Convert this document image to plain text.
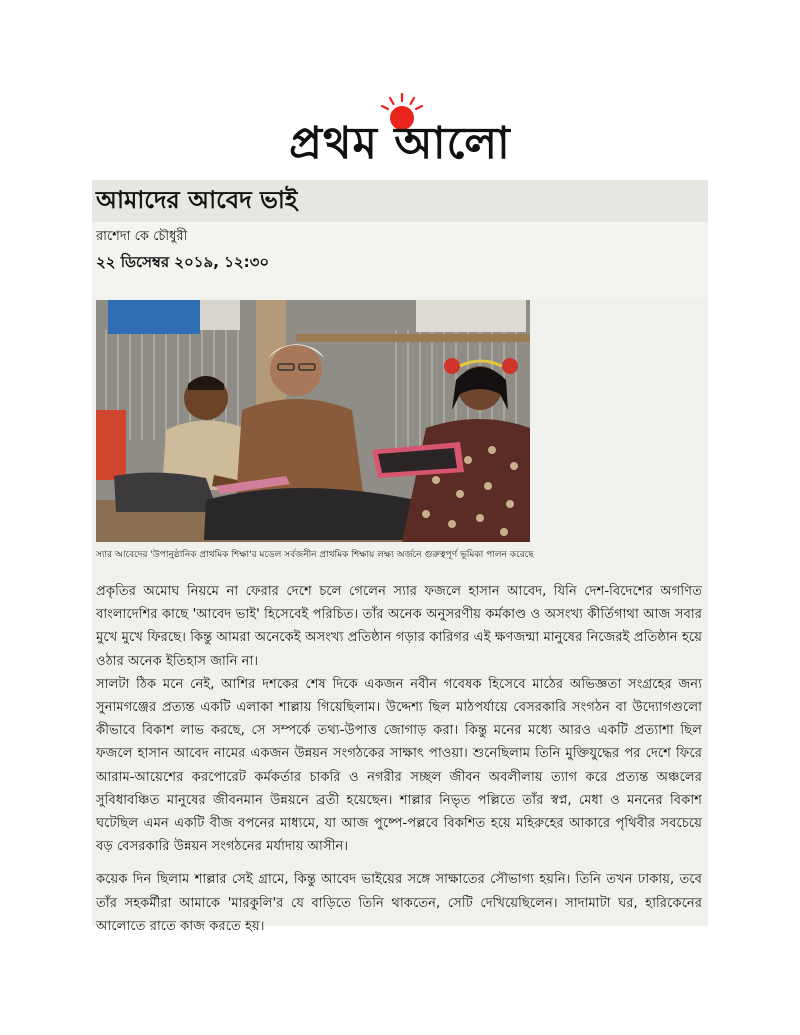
প্রথম আলো
আমাদের আবেদ ভাই
রাশেদা কে চৌধুরী
২২ ডিসেম্বর ২০১৯, ১২:৩০
স্যার আবেদের 'উপানুষ্ঠানিক প্রাথমিক শিক্ষা'র মডেল সর্বজনীন প্রাথমিক শিক্ষায় লক্ষ্য অর্জনে গুরুত্বপূর্ণ ভূমিকা পালন করেছে

প্রকৃতির অমোঘ নিয়মে না ফেরার দেশে চলে গেলেন স্যার ফজলে হাসান আবেদ, যিনি দেশ-বিদেশের অগণিত বাংলাদেশির কাছে 'আবেদ ভাই' হিসেবেই পরিচিত। তাঁর অনেক অনুসরণীয় কর্মকাণ্ড ও অসংখ্য কীর্তিগাথা আজ সবার মুখে মুখে ফিরছে। কিন্তু আমরা অনেকেই অসংখ্য প্রতিষ্ঠান গড়ার কারিগর এই ক্ষণজন্মা মানুষের নিজেরই প্রতিষ্ঠান হয়ে ওঠার অনেক ইতিহাস জানি না।

সালটা ঠিক মনে নেই, আশির দশকের শেষ দিকে একজন নবীন গবেষক হিসেবে মাঠের অভিজ্ঞতা সংগ্রহের জন্য সুনামগঞ্জের প্রত্যন্ত একটি এলাকা শাল্লায় গিয়েছিলাম। উদ্দেশ্য ছিল মাঠপর্যায়ে বেসরকারি সংগঠন বা উদ্যোগগুলো কীভাবে বিকাশ লাভ করছে, সে সম্পর্কে তথ্য-উপাত্ত জোগাড় করা। কিন্তু মনের মধ্যে আরও একটি প্রত্যাশা ছিল ফজলে হাসান আবেদ নামের একজন উন্নয়ন সংগঠকের সাক্ষাৎ পাওয়া। শুনেছিলাম তিনি মুক্তিযুদ্ধের পর দেশে ফিরে আরাম-আয়েশের করপোরেট কর্মকর্তার চাকরি ও নগরীর সচ্ছল জীবন অবলীলায় ত্যাগ করে প্রত্যন্ত অঞ্চলের সুবিধাবঞ্চিত মানুষের জীবনমান উন্নয়নে ব্রতী হয়েছেন। শাল্লার নিভৃত পল্লিতে তাঁর স্বপ্ন, মেধা ও মননের বিকাশ ঘটেছিল এমন একটি বীজ বপনের মাধ্যমে, যা আজ পুষ্পে-পল্লবে বিকশিত হয়ে মহিরুহের আকারে পৃথিবীর সবচেয়ে বড় বেসরকারি উন্নয়ন সংগঠনের মর্যাদায় আসীন।

কয়েক দিন ছিলাম শাল্লার সেই গ্রামে, কিন্তু আবেদ ভাইয়ের সঙ্গে সাক্ষাতের সৌভাগ্য হয়নি। তিনি তখন ঢাকায়, তবে তাঁর সহকর্মীরা আমাকে 'মারকুলি'র যে বাড়িতে তিনি থাকতেন, সেটি দেখিয়েছিলেন। সাদামাটা ঘর, হারিকেনের আলোতে রাতে কাজ করতে হয়।
